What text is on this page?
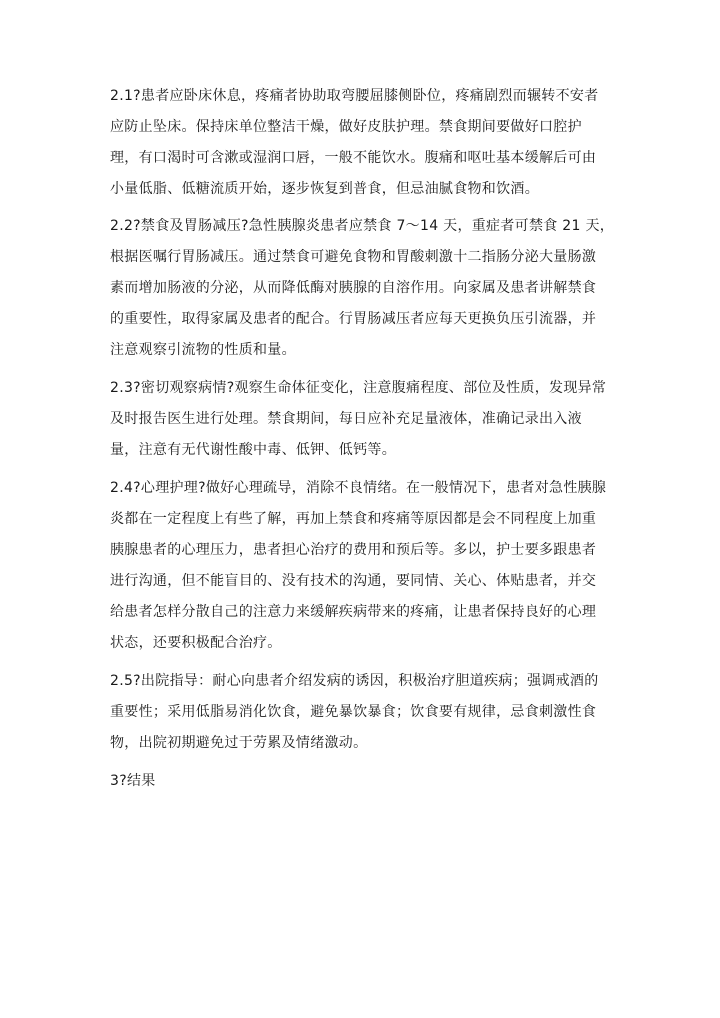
2.1?患者应卧床休息，疼痛者协助取弯腰屈膝侧卧位，疼痛剧烈而辗转不安者
应防止坠床。保持床单位整洁干燥，做好皮肤护理。禁食期间要做好口腔护
理，有口渴时可含漱或湿润口唇，一般不能饮水。腹痛和呕吐基本缓解后可由
小量低脂、低糖流质开始，逐步恢复到普食，但忌油腻食物和饮酒。
2.2?禁食及胃肠减压?急性胰腺炎患者应禁食 7～14 天，重症者可禁食 21 天，
根据医嘱行胃肠减压。通过禁食可避免食物和胃酸刺激十二指肠分泌大量肠激
素而增加肠液的分泌，从而降低酶对胰腺的自溶作用。向家属及患者讲解禁食
的重要性，取得家属及患者的配合。行胃肠减压者应每天更换负压引流器，并
注意观察引流物的性质和量。
2.3?密切观察病情?观察生命体征变化，注意腹痛程度、部位及性质，发现异常
及时报告医生进行处理。禁食期间，每日应补充足量液体，准确记录出入液
量，注意有无代谢性酸中毒、低钾、低钙等。
2.4?心理护理?做好心理疏导，消除不良情绪。在一般情况下，患者对急性胰腺
炎都在一定程度上有些了解，再加上禁食和疼痛等原因都是会不同程度上加重
胰腺患者的心理压力，患者担心治疗的费用和预后等。多以，护士要多跟患者
进行沟通，但不能盲目的、没有技术的沟通，要同情、关心、体贴患者，并交
给患者怎样分散自己的注意力来缓解疾病带来的疼痛，让患者保持良好的心理
状态，还要积极配合治疗。
2.5?出院指导：耐心向患者介绍发病的诱因，积极治疗胆道疾病；强调戒酒的
重要性；采用低脂易消化饮食，避免暴饮暴食；饮食要有规律，忌食刺激性食
物，出院初期避免过于劳累及情绪激动。
3?结果
